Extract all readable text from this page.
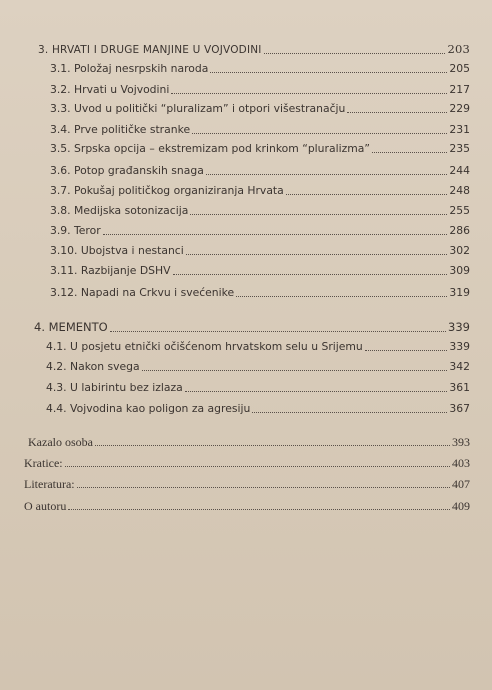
3. HRVATI I DRUGE MANJINE U VOJVODINI	203
3.1. Položaj nesrpskih naroda	205
3.2. Hrvati u Vojvodini	217
3.3. Uvod u politički “pluralizam” i otpori višestranačju	229
3.4. Prve političke stranke	231
3.5. Srpska opcija – ekstremizam pod krinkom “pluralizma”	235
3.6. Potop građanskih snaga	244
3.7. Pokušaj političkog organiziranja Hrvata	248
3.8. Medijska sotonizacija	255
3.9. Teror	286
3.10. Ubojstva i nestanci	302
3.11. Razbijanje DSHV	309
3.12. Napadi na Crkvu i svećenike	319
4. MEMENTO	339
4.1. U posjetu etnički očišćenom hrvatskom selu u Srijemu	339
4.2. Nakon svega	342
4.3. U labirintu bez izlaza	361
4.4. Vojvodina kao poligon za agresiju	367
Kazalo osoba	393
Kratice:	403
Literatura:	407
O autoru	409
